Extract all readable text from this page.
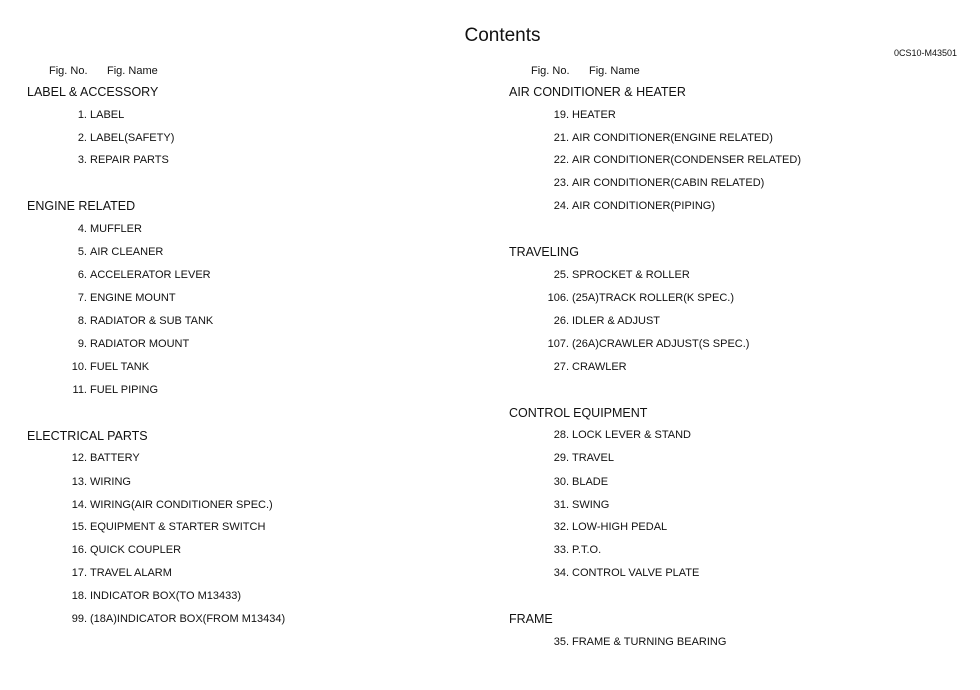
Contents
0CS10-M43501
Fig. No. Fig. Name
LABEL & ACCESSORY
1. LABEL
2. LABEL(SAFETY)
3. REPAIR PARTS
ENGINE RELATED
4. MUFFLER
5. AIR CLEANER
6. ACCELERATOR LEVER
7. ENGINE MOUNT
8. RADIATOR & SUB TANK
9. RADIATOR MOUNT
10. FUEL TANK
11. FUEL PIPING
ELECTRICAL PARTS
12. BATTERY
13. WIRING
14. WIRING(AIR CONDITIONER SPEC.)
15. EQUIPMENT & STARTER SWITCH
16. QUICK COUPLER
17. TRAVEL ALARM
18. INDICATOR BOX(TO M13433)
99. (18A)INDICATOR BOX(FROM M13434)
Fig. No. Fig. Name
AIR CONDITIONER & HEATER
19. HEATER
21. AIR CONDITIONER(ENGINE RELATED)
22. AIR CONDITIONER(CONDENSER RELATED)
23. AIR CONDITIONER(CABIN RELATED)
24. AIR CONDITIONER(PIPING)
TRAVELING
25. SPROCKET & ROLLER
106. (25A)TRACK ROLLER(K SPEC.)
26. IDLER & ADJUST
107. (26A)CRAWLER ADJUST(S SPEC.)
27. CRAWLER
CONTROL EQUIPMENT
28. LOCK LEVER & STAND
29. TRAVEL
30. BLADE
31. SWING
32. LOW-HIGH PEDAL
33. P.T.O.
34. CONTROL VALVE PLATE
FRAME
35. FRAME & TURNING BEARING
